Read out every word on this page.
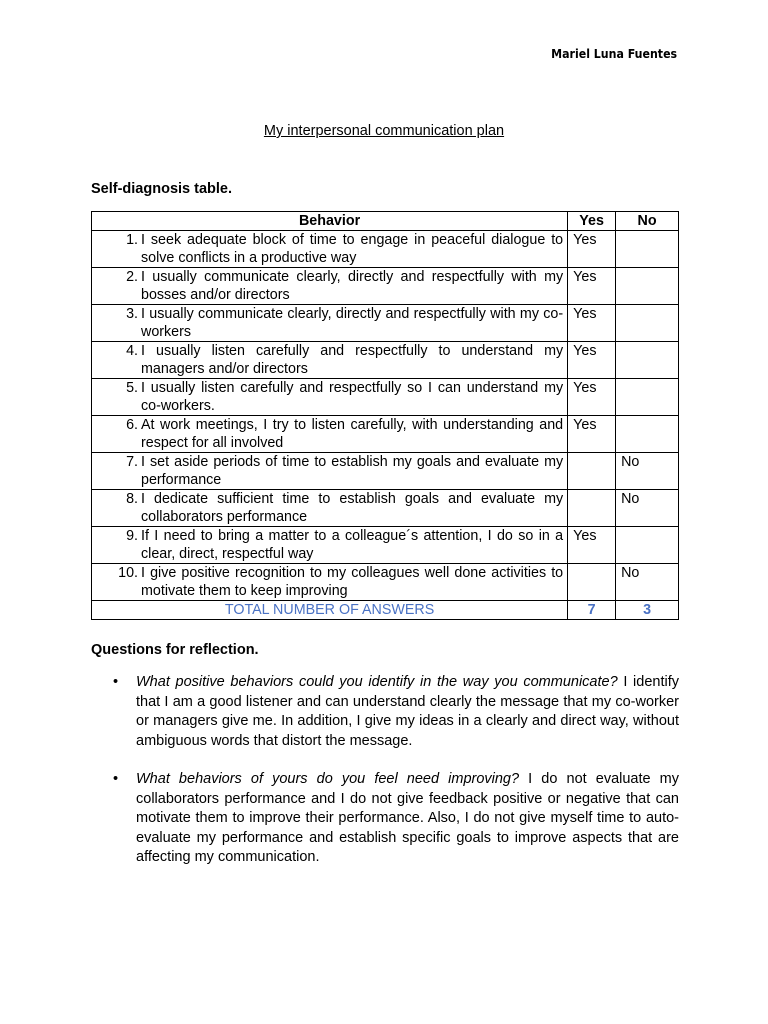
Mariel Luna Fuentes
My interpersonal communication plan
Self-diagnosis table.
Behavior	Yes	No

1. I seek adequate block of time to engage in peaceful dialogue to solve conflicts in a productive way	Yes	

2. I usually communicate clearly, directly and respectfully with my bosses and/or directors	Yes	

3. I usually communicate clearly, directly and respectfully with my co-workers	Yes	

4. I usually listen carefully and respectfully to understand my managers and/or directors	Yes	

5. I usually listen carefully and respectfully so I can understand my co-workers.	Yes	

6. At work meetings, I try to listen carefully, with understanding and respect for all involved	Yes	

7. I set aside periods of time to establish my goals and evaluate my performance		No

8. I dedicate sufficient time to establish goals and evaluate my collaborators performance		No

9. If I need to bring a matter to a colleague´s attention, I do so in a clear, direct, respectful way	Yes	

10. I give positive recognition to my colleagues well done activities to motivate them to keep improving		No
TOTAL NUMBER OF ANSWERS	7	3
Questions for reflection.
• What positive behaviors could you identify in the way you communicate? I identify that I am a good listener and can understand clearly the message that my co-worker or managers give me. In addition, I give my ideas in a clearly and direct way, without ambiguous words that distort the message.
• What behaviors of yours do you feel need improving? I do not evaluate my collaborators performance and I do not give feedback positive or negative that can motivate them to improve their performance. Also, I do not give myself time to auto-evaluate my performance and establish specific goals to improve aspects that are affecting my communication.
